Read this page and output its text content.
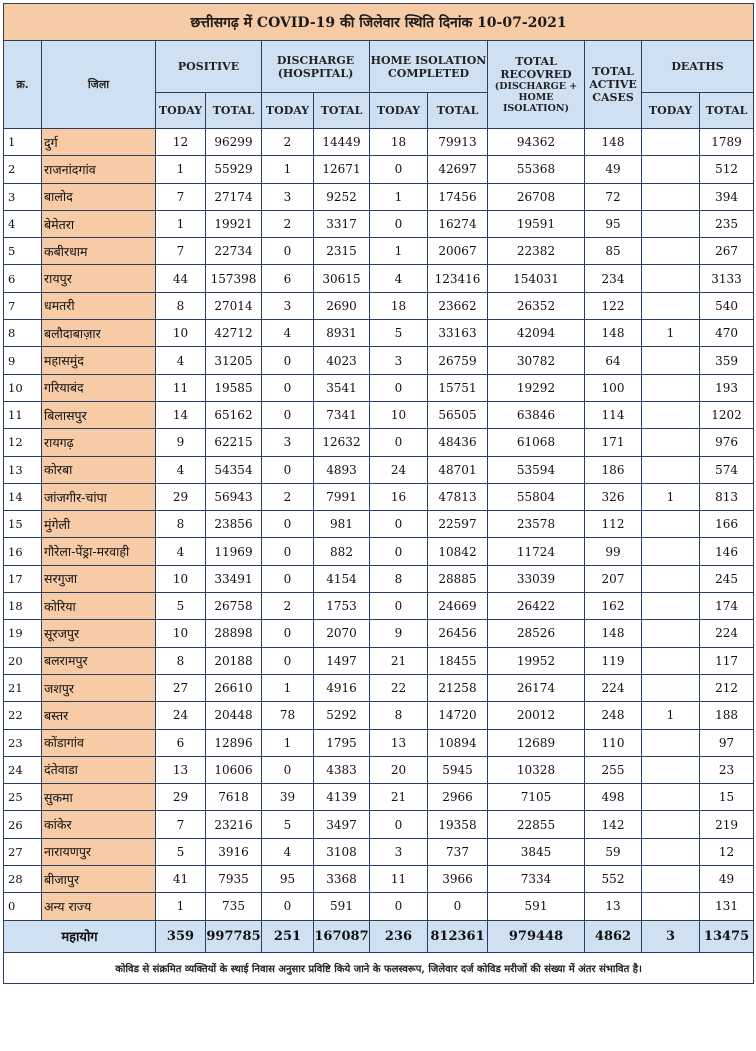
छत्तीसगढ़ में COVID-19 की जिलेवार स्थिति दिनांक 10-07-2021											
क्र.	जिला	POSITIVE		DISCHARGE (HOSPITAL)		HOME ISOLATION COMPLETED		TOTAL RECOVRED
(DISCHARGE + HOME ISOLATION)	TOTAL ACTIVE CASES	DEATHS	
		TODAY	TOTAL	TODAY	TOTAL	TODAY	TOTAL			TODAY	TOTAL
1	दुर्ग	12	96299	2	14449	18	79913	94362	148		1789
2	राजनांदगांव	1	55929	1	12671	0	42697	55368	49		512
3	बालोद	7	27174	3	9252	1	17456	26708	72		394
4	बेमेतरा	1	19921	2	3317	0	16274	19591	95		235
5	कबीरधाम	7	22734	0	2315	1	20067	22382	85		267
6	रायपुर	44	157398	6	30615	4	123416	154031	234		3133
7	धमतरी	8	27014	3	2690	18	23662	26352	122		540
8	बलौदाबाज़ार	10	42712	4	8931	5	33163	42094	148	1	470
9	महासमुंद	4	31205	0	4023	3	26759	30782	64		359
10	गरियाबंद	11	19585	0	3541	0	15751	19292	100		193
11	बिलासपुर	14	65162	0	7341	10	56505	63846	114		1202
12	रायगढ़	9	62215	3	12632	0	48436	61068	171		976
13	कोरबा	4	54354	0	4893	24	48701	53594	186		574
14	जांजगीर-चांपा	29	56943	2	7991	16	47813	55804	326	1	813
15	मुंगेली	8	23856	0	981	0	22597	23578	112		166
16	गौरेला-पेंड्रा-मरवाही	4	11969	0	882	0	10842	11724	99		146
17	सरगुजा	10	33491	0	4154	8	28885	33039	207		245
18	कोरिया	5	26758	2	1753	0	24669	26422	162		174
19	सूरजपुर	10	28898	0	2070	9	26456	28526	148		224
20	बलरामपुर	8	20188	0	1497	21	18455	19952	119		117
21	जशपुर	27	26610	1	4916	22	21258	26174	224		212
22	बस्तर	24	20448	78	5292	8	14720	20012	248	1	188
23	कोंडागांव	6	12896	1	1795	13	10894	12689	110		97
24	दंतेवाडा	13	10606	0	4383	20	5945	10328	255		23
25	सुकमा	29	7618	39	4139	21	2966	7105	498		15
26	कांकेर	7	23216	5	3497	0	19358	22855	142		219
27	नारायणपुर	5	3916	4	3108	3	737	3845	59		12
28	बीजापुर	41	7935	95	3368	11	3966	7334	552		49
0	अन्य राज्य	1	735	0	591	0	0	591	13		131
महायोग		359	997785	251	167087	236	812361	979448	4862	3	13475
कोविड से संक्रमित व्यक्तियों के स्थाई निवास अनुसार प्रविष्टि किये जाने के फलस्वरूप, जिलेवार दर्ज कोविड मरीजों की संख्या में अंतर संभावित है।											
